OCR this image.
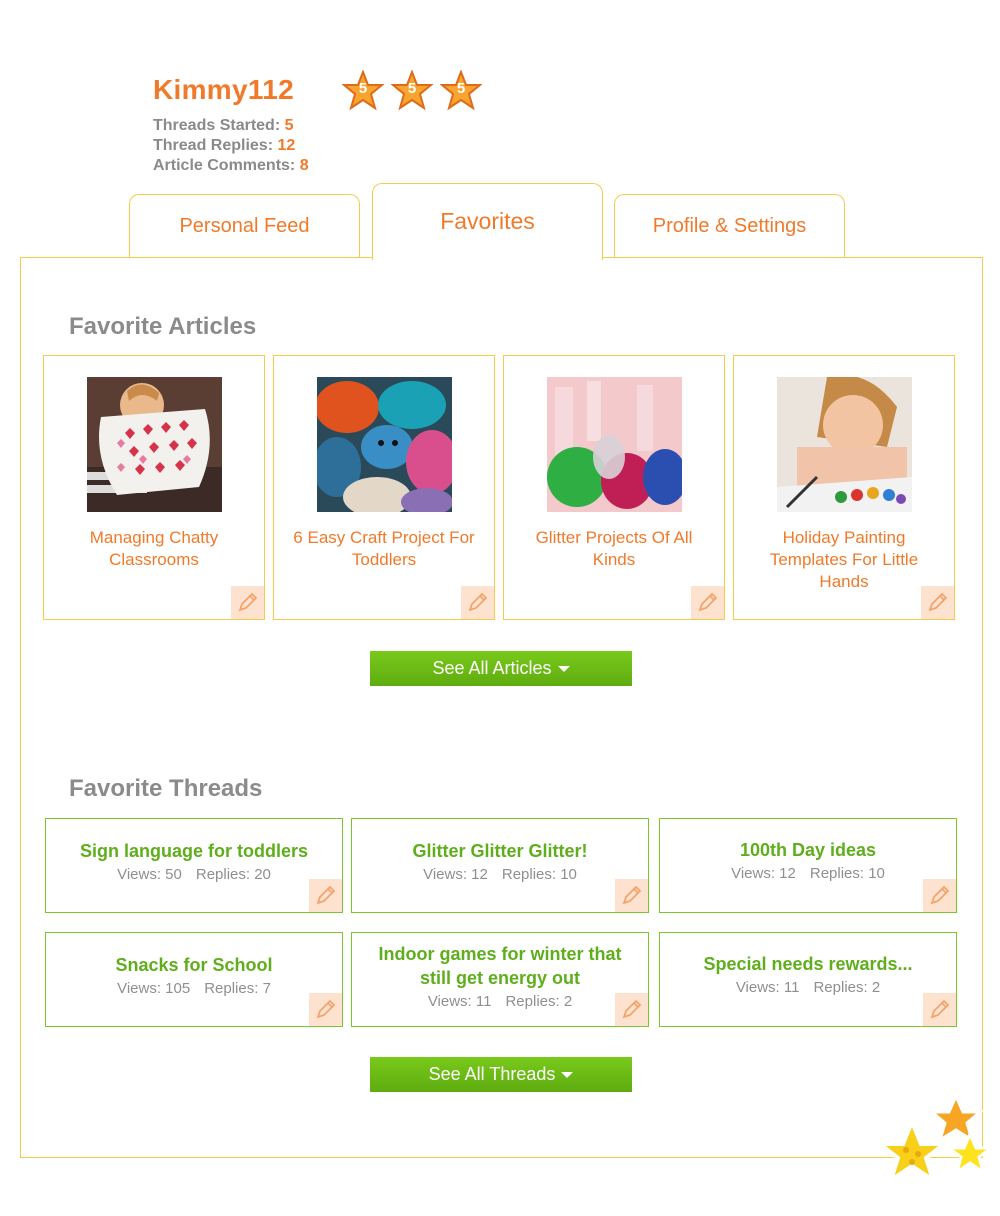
Kimmy112	5	5	5
Threads Started: 5
Thread Replies: 12
Article Comments: 8
Personal Feed	Favorites	Profile & Settings
Favorite Articles
Managing Chatty Classrooms
6 Easy Craft Project For Toddlers
Glitter Projects Of All Kinds
Holiday Painting Templates For Little Hands
See All Articles
Favorite Threads
Sign language for toddlers
Views: 50 Replies: 20
Glitter Glitter Glitter!
Views: 12 Replies: 10
100th Day ideas
Views: 12 Replies: 10
Snacks for School
Views: 105 Replies: 7
Indoor games for winter that still get energy out
Views: 11 Replies: 2
Special needs rewards...
Views: 11 Replies: 2
See All Threads
